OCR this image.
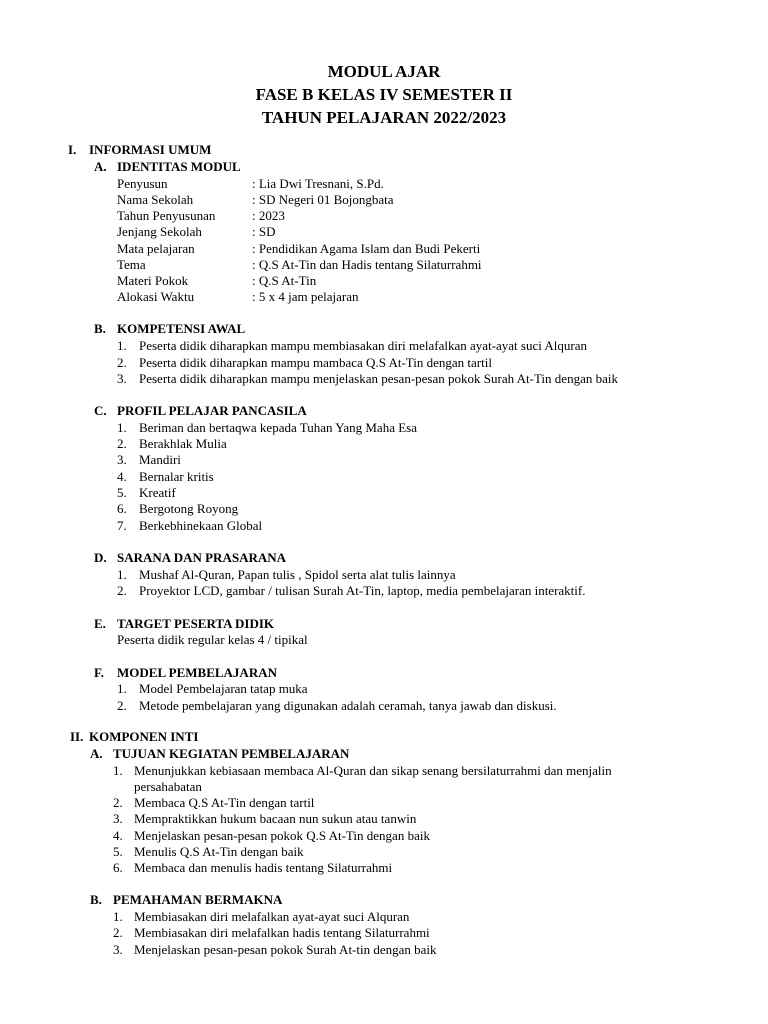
MODUL AJAR
FASE B KELAS IV SEMESTER II
TAHUN PELAJARAN 2022/2023
I. INFORMASI UMUM
A. IDENTITAS MODUL
Penyusun	: Lia Dwi Tresnani, S.Pd.
Nama Sekolah	: SD Negeri 01 Bojongbata
Tahun Penyusunan	: 2023
Jenjang Sekolah	: SD
Mata pelajaran	: Pendidikan Agama Islam dan Budi Pekerti
Tema	: Q.S At-Tin dan Hadis tentang Silaturrahmi
Materi Pokok	: Q.S At-Tin
Alokasi Waktu	: 5 x 4 jam pelajaran
B. KOMPETENSI AWAL
1. Peserta didik diharapkan mampu membiasakan diri melafalkan ayat-ayat suci Alquran
2. Peserta didik diharapkan mampu mambaca Q.S At-Tin dengan tartil
3. Peserta didik diharapkan mampu menjelaskan pesan-pesan pokok Surah At-Tin dengan baik
C. PROFIL PELAJAR PANCASILA
1. Beriman dan bertaqwa kepada Tuhan Yang Maha Esa
2. Berakhlak Mulia
3. Mandiri
4. Bernalar kritis
5. Kreatif
6. Bergotong Royong
7. Berkebhinekaan Global
D. SARANA DAN PRASARANA
1. Mushaf Al-Quran, Papan tulis , Spidol serta alat tulis lainnya
2. Proyektor LCD, gambar / tulisan Surah At-Tin, laptop, media pembelajaran interaktif.
E. TARGET PESERTA DIDIK
Peserta didik regular kelas 4 / tipikal
F. MODEL PEMBELAJARAN
1. Model Pembelajaran tatap muka
2. Metode pembelajaran yang digunakan adalah ceramah, tanya jawab dan diskusi.
II. KOMPONEN INTI
A. TUJUAN KEGIATAN PEMBELAJARAN
1. Menunjukkan kebiasaan membaca Al-Quran dan sikap senang bersilaturrahmi dan menjalin
persahabatan
2. Membaca Q.S At-Tin dengan tartil
3. Mempraktikkan hukum bacaan nun sukun atau tanwin
4. Menjelaskan pesan-pesan pokok Q.S At-Tin dengan baik
5. Menulis Q.S At-Tin dengan baik
6. Membaca dan menulis hadis tentang Silaturrahmi
B. PEMAHAMAN BERMAKNA
1. Membiasakan diri melafalkan ayat-ayat suci Alquran
2. Membiasakan diri melafalkan hadis tentang Silaturrahmi
3. Menjelaskan pesan-pesan pokok Surah At-tin dengan baik
